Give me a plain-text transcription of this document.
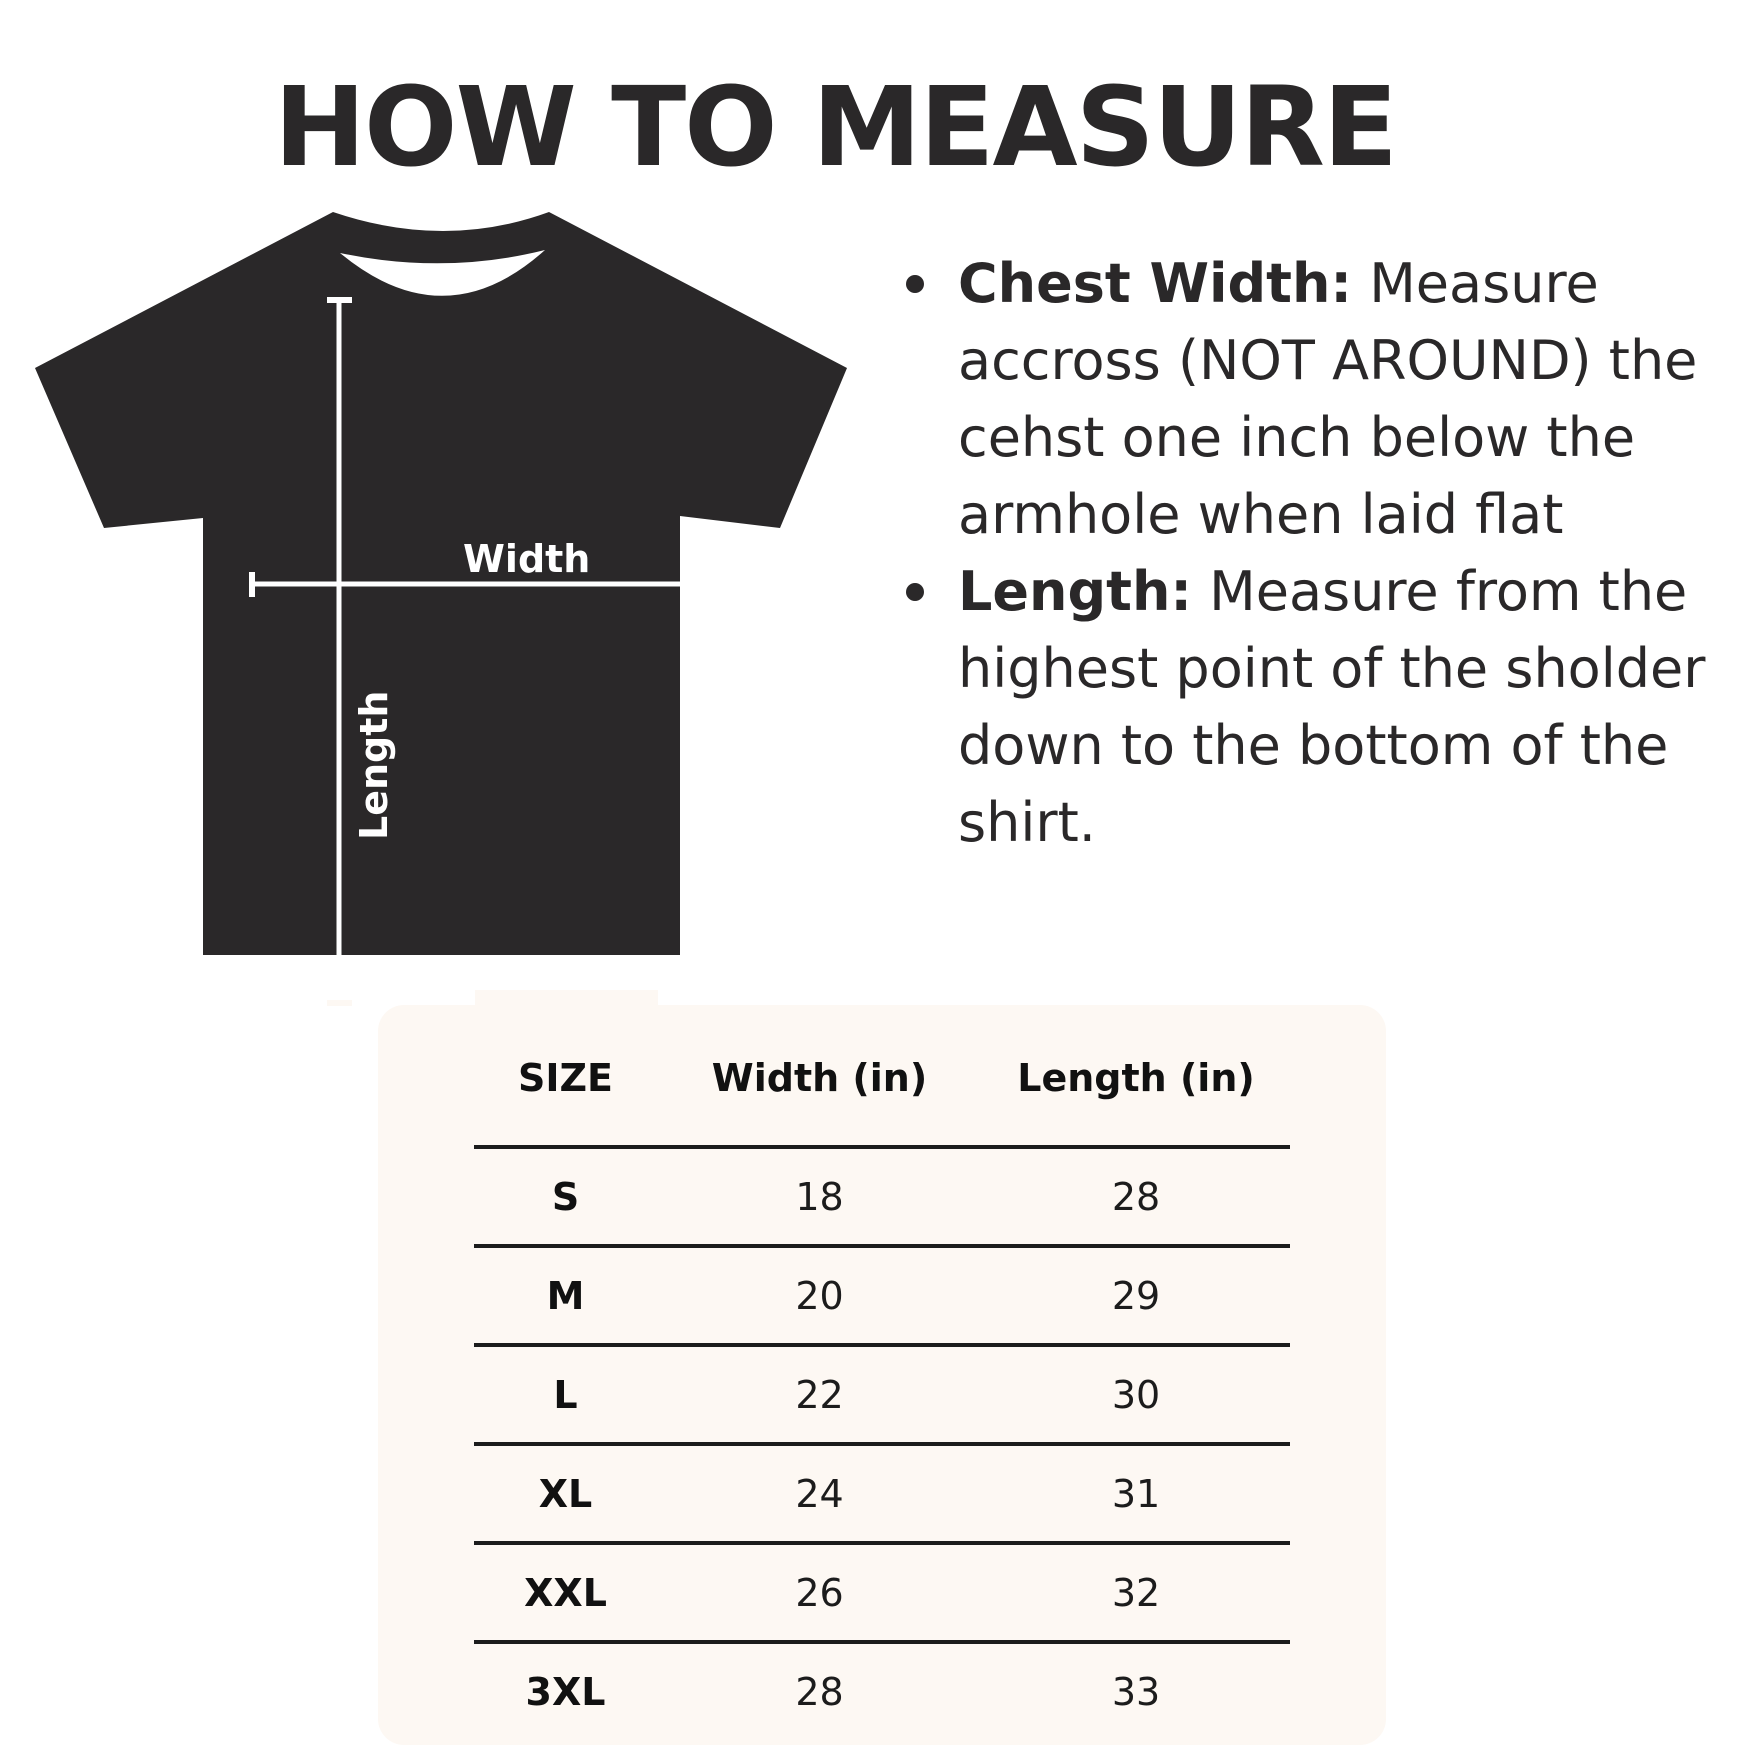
HOW TO MEASURE
Width
Length
Chest Width: Measure accross (NOT AROUND) the cehst one inch below the armhole when laid flat
Length: Measure from the highest point of the sholder down to the bottom of the shirt.
SIZE	Width (in)	Length (in)
S	18	28
M	20	29
L	22	30
XL	24	31
XXL	26	32
3XL	28	33
